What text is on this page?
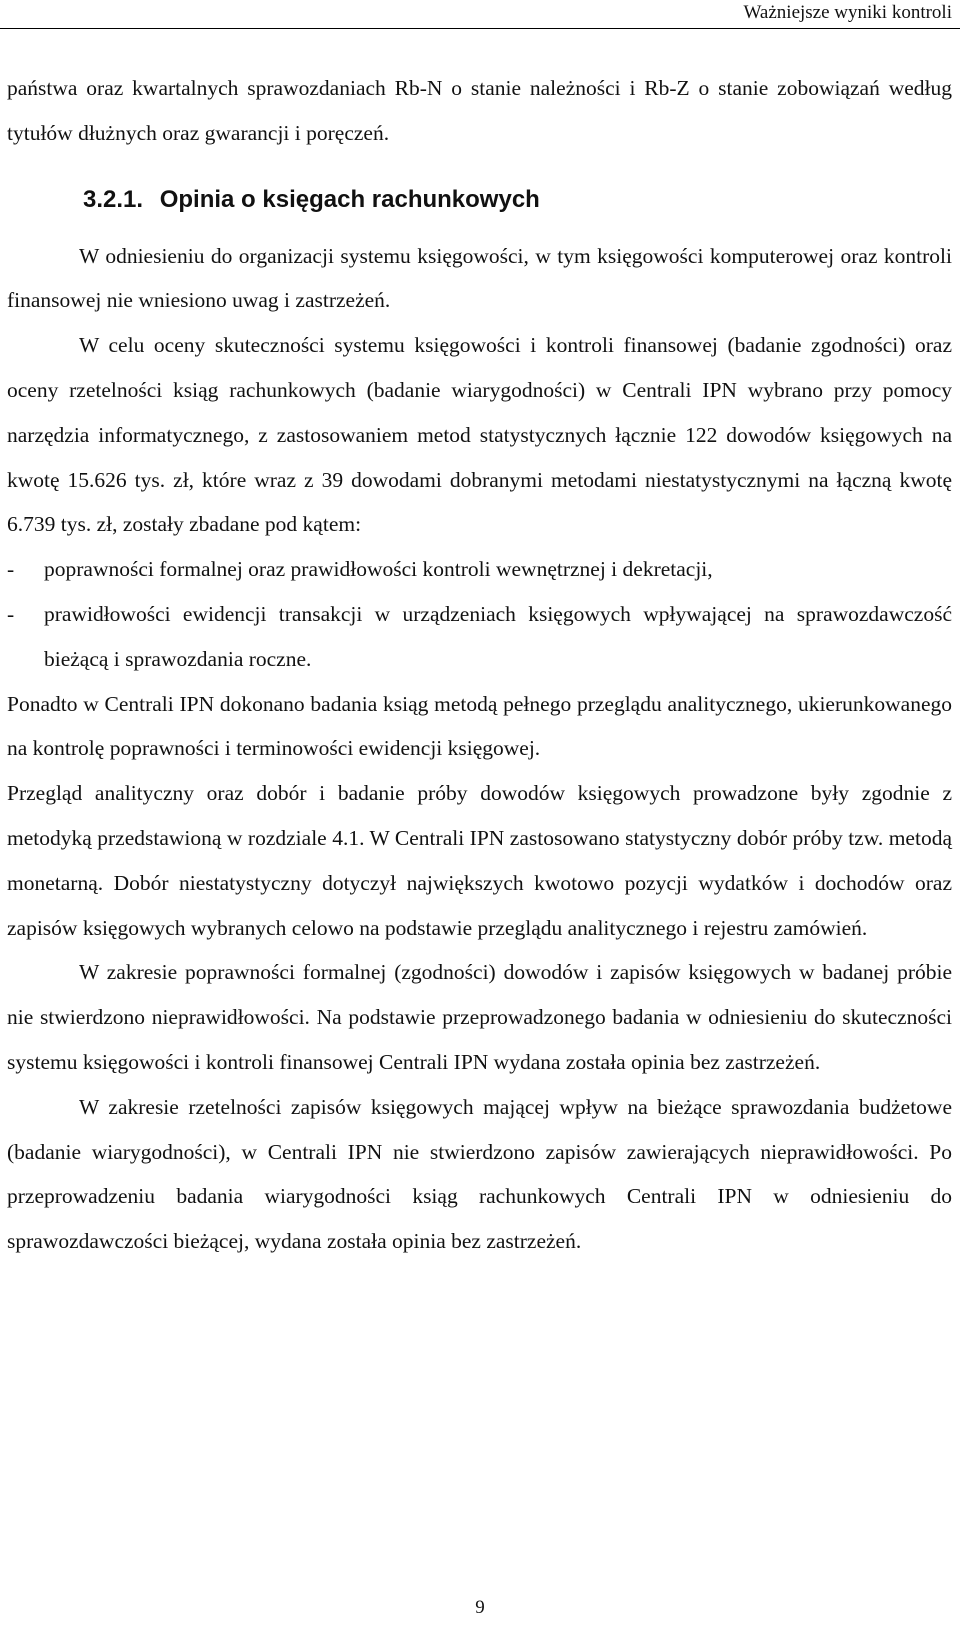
Ważniejsze wyniki kontroli

państwa oraz kwartalnych sprawozdaniach Rb-N o stanie należności i Rb-Z o stanie zobowiązań według tytułów dłużnych oraz gwarancji i poręczeń.

3.2.1. Opinia o księgach rachunkowych

W odniesieniu do organizacji systemu księgowości, w tym księgowości komputerowej oraz kontroli finansowej nie wniesiono uwag i zastrzeżeń.

W celu oceny skuteczności systemu księgowości i kontroli finansowej (badanie zgodności) oraz oceny rzetelności ksiąg rachunkowych (badanie wiarygodności) w Centrali IPN wybrano przy pomocy narzędzia informatycznego, z zastosowaniem metod statystycznych łącznie 122 dowodów księgowych na kwotę 15.626 tys. zł, które wraz z 39 dowodami dobranymi metodami niestatystycznymi na łączną kwotę 6.739 tys. zł, zostały zbadane pod kątem:

- poprawności formalnej oraz prawidłowości kontroli wewnętrznej i dekretacji,

- prawidłowości ewidencji transakcji w urządzeniach księgowych wpływającej na sprawozdawczość bieżącą i sprawozdania roczne.

Ponadto w Centrali IPN dokonano badania ksiąg metodą pełnego przeglądu analitycznego, ukierunkowanego na kontrolę poprawności i terminowości ewidencji księgowej.

Przegląd analityczny oraz dobór i badanie próby dowodów księgowych prowadzone były zgodnie z metodyką przedstawioną w rozdziale 4.1. W Centrali IPN zastosowano statystyczny dobór próby tzw. metodą monetarną. Dobór niestatystyczny dotyczył największych kwotowo pozycji wydatków i dochodów oraz zapisów księgowych wybranych celowo na podstawie przeglądu analitycznego i rejestru zamówień.

W zakresie poprawności formalnej (zgodności) dowodów i zapisów księgowych w badanej próbie nie stwierdzono nieprawidłowości. Na podstawie przeprowadzonego badania w odniesieniu do skuteczności systemu księgowości i kontroli finansowej Centrali IPN wydana została opinia bez zastrzeżeń.

W zakresie rzetelności zapisów księgowych mającej wpływ na bieżące sprawozdania budżetowe (badanie wiarygodności), w Centrali IPN nie stwierdzono zapisów zawierających nieprawidłowości. Po przeprowadzeniu badania wiarygodności ksiąg rachunkowych Centrali IPN w odniesieniu do sprawozdawczości bieżącej, wydana została opinia bez zastrzeżeń.

9
